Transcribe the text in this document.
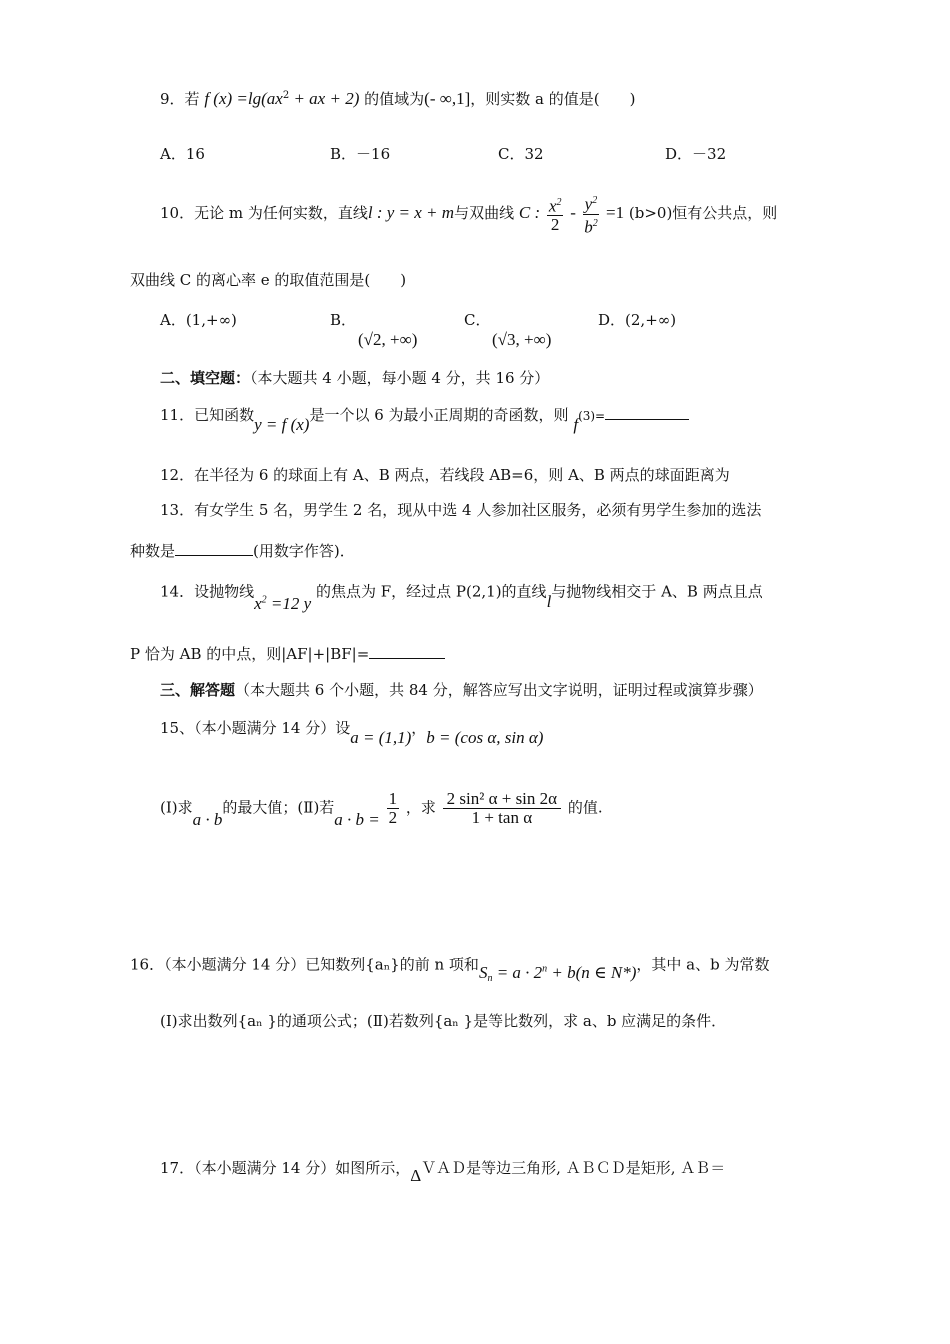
9．若 f $(x) =\lg(ax^2$ + ax + 2) 的值域为(- ∞,1]，则实数 a 的值是(　　)
A．16	B．－16	C．32	D．－32
10．无论 m 为任何实数，直线l : y = x + m与双曲线 C : $\frac{x^2}{2} - \frac{y^2}{b^2} =1$ (b>0)恒有公共点，则
双曲线 C 的离心率 e 的取值范围是(　　)
A．(1,+∞)	B．
(√2, +∞)
C．
(√3, +∞)
D．(2,+∞)
二、填空题：（本大题共 4 小题，每小题 4 分，共 16 分）
11．已知函数y = f (x)是一个以 6 为最小正周期的奇函数，则 f(3)=
12．在半径为 6 的球面上有 A、B 两点，若线段 AB=6，则 A、B 两点的球面距离为
13．有女学生 5 名，男学生 2 名，现从中选 4 人参加社区服务，必须有男学生参加的选法
种数是	(用数字作答)．
14．设抛物线$x^2 =12$ y 的焦点为 F，经过点 P(2,1)的直线l与抛物线相交于 A、B 两点且点
P 恰为 AB 的中点，则|AF|+|BF|=
三、解答题（本大题共 6 个小题，共 84 分，解答应写出文字说明，证明过程或演算步骤）
15、（本小题满分 14 分）设a = (1,1)，b = (cos α, sin α)
(Ⅰ)求a · b的最大值；(Ⅱ)若$a \cdot b = \frac{1}{2}$ ，求 $\frac{\text{2 sin² α + sin 2α}}{\text{1 + tan α}}$ 的值.
16．（本小题满分 14 分）已知数列{aₙ}的前 n 项和$S_n = a \cdot 2^n + b(n$ ∈ N*)，其中 a、b 为常数
(Ⅰ)求出数列{aₙ }的通项公式；(Ⅱ)若数列{aₙ }是等比数列，求 a、b 应满足的条件．
17．（本小题满分 14 分）如图所示，ΔＶＡＤ是等边三角形, ＡＢＣＤ是矩形, ＡＢ＝
